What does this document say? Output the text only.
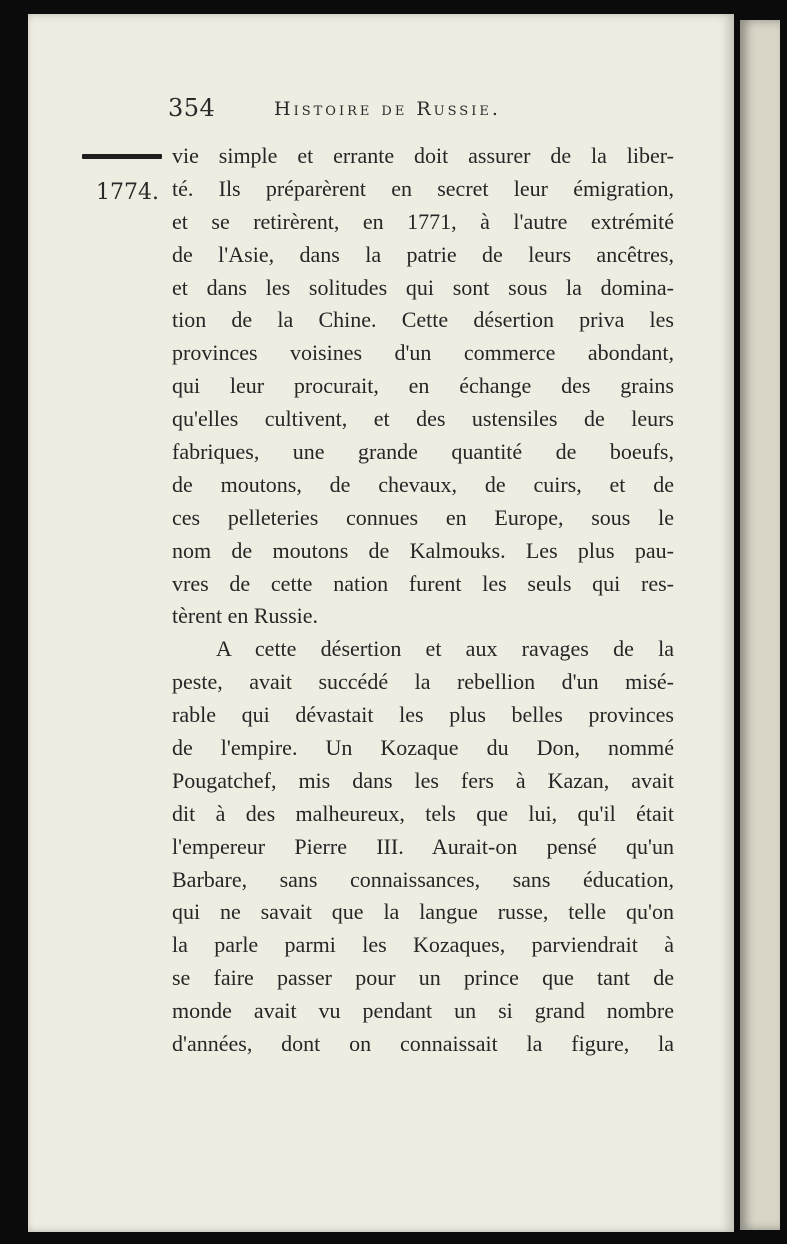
354	Histoire de Russie.
1774.
vie simple et errante doit assurer de la liber-
té. Ils préparèrent en secret leur émigration,
et se retirèrent, en 1771, à l'autre extrémité
de l'Asie, dans la patrie de leurs ancêtres,
et dans les solitudes qui sont sous la domina-
tion de la Chine. Cette désertion priva les
provinces voisines d'un commerce abondant,
qui leur procurait, en échange des grains
qu'elles cultivent, et des ustensiles de leurs
fabriques, une grande quantité de boeufs,
de moutons, de chevaux, de cuirs, et de
ces pelleteries connues en Europe, sous le
nom de moutons de Kalmouks. Les plus pau-
vres de cette nation furent les seuls qui res-
tèrent en Russie.
A cette désertion et aux ravages de la
peste, avait succédé la rebellion d'un misé-
rable qui dévastait les plus belles provinces
de l'empire. Un Kozaque du Don, nommé
Pougatchef, mis dans les fers à Kazan, avait
dit à des malheureux, tels que lui, qu'il était
l'empereur Pierre III. Aurait-on pensé qu'un
Barbare, sans connaissances, sans éducation,
qui ne savait que la langue russe, telle qu'on
la parle parmi les Kozaques, parviendrait à
se faire passer pour un prince que tant de
monde avait vu pendant un si grand nombre
d'années, dont on connaissait la figure, la
